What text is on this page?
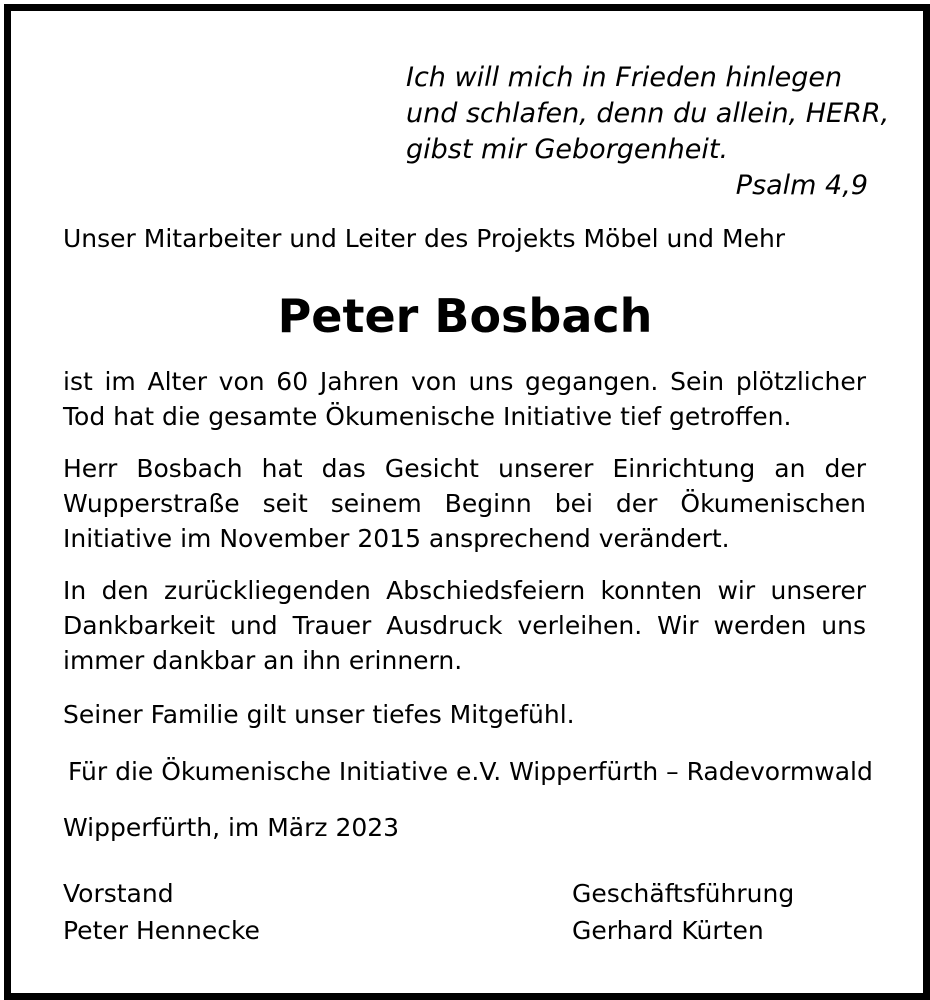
Ich will mich in Frieden hinlegen
und schlafen, denn du allein, HERR,
gibst mir Geborgenheit.
Psalm 4,9
Unser Mitarbeiter und Leiter des Projekts Möbel und Mehr
Peter Bosbach
ist im Alter von 60 Jahren von uns gegangen. Sein plötzlicher
Tod hat die gesamte Ökumenische Initiative tief getroffen.
Herr Bosbach hat das Gesicht unserer Einrichtung an der
Wupperstraße seit seinem Beginn bei der Ökumenischen
Initiative im November 2015 ansprechend verändert.
In den zurückliegenden Abschiedsfeiern konnten wir unserer
Dankbarkeit und Trauer Ausdruck verleihen. Wir werden uns
immer dankbar an ihn erinnern.
Seiner Familie gilt unser tiefes Mitgefühl.
Für die Ökumenische Initiative e.V. Wipperfürth – Radevormwald
Wipperfürth, im März 2023
Vorstand
Peter Hennecke
Geschäftsführung
Gerhard Kürten
